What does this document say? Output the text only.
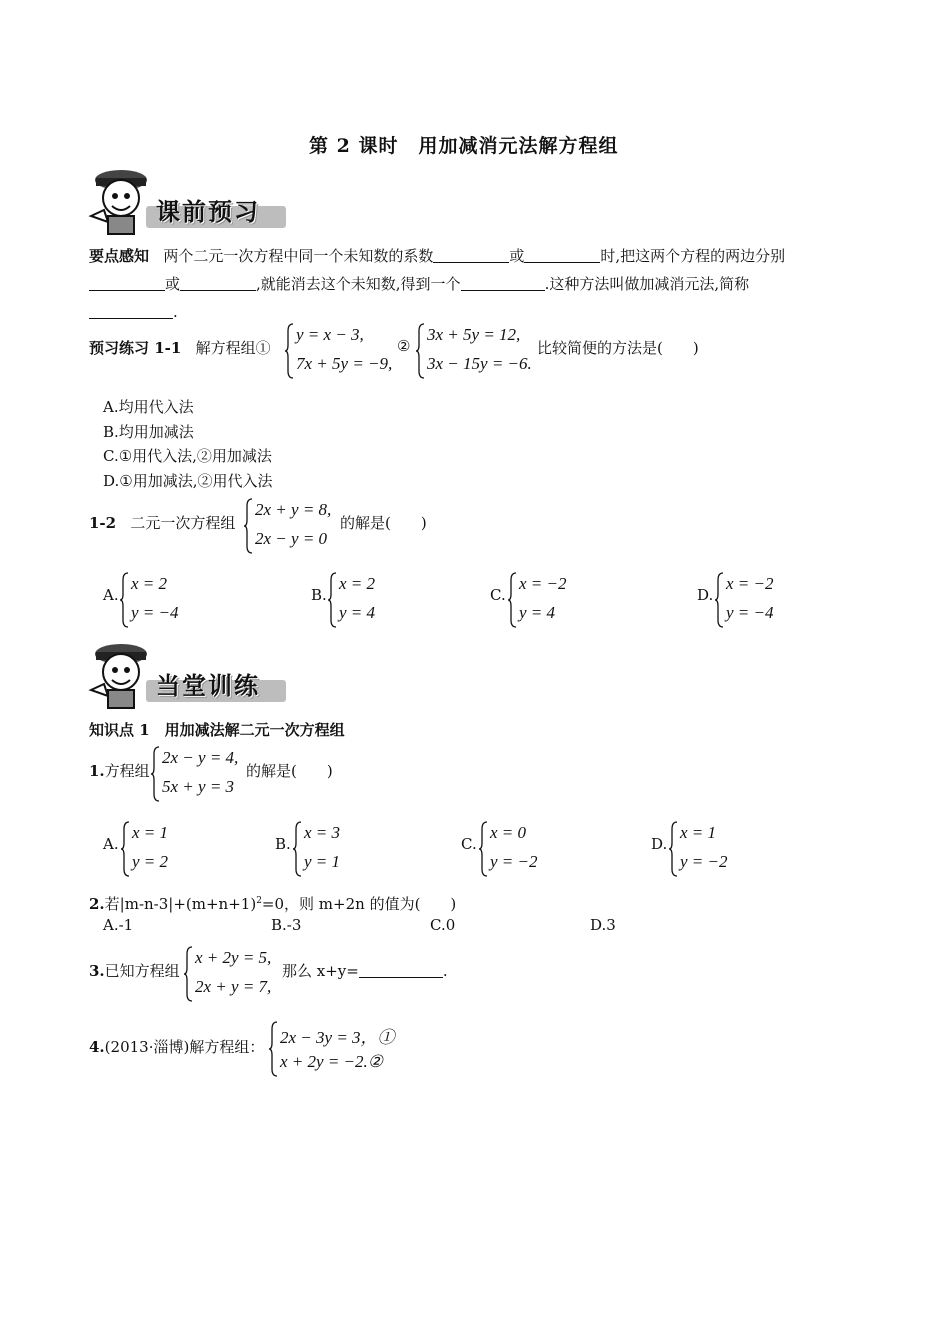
第 2 课时　用加减消元法解方程组
课前预习
要点感知 两个二元一次方程中同一个未知数的系数	或	时,把这两个方程的两边分别
或	,就能消去这个未知数,得到一个	.这种方法叫做加减消元法,简称
.
预习练习 1-1 解方程组①
y = x − 3,
7x + 5y = −9,
②
3x + 5y = 12,
3x − 15y = −6.
比较简便的方法是(　　)
A.均用代入法
B.均用加减法
C.①用代入法,②用加减法
D.①用加减法,②用代入法
1-2 二元一次方程组
2x + y = 8,
2x − y = 0
的解是(　　)
A.
x = 2
y = −4
B.
x = 2
y = 4
C.
x = −2
y = 4
D.
x = −2
y = −4
当堂训练
知识点 1　用加减法解二元一次方程组
1.方程组
2x − y = 4,
5x + y = 3
的解是(　　)
A.
x = 1
y = 2
B.
x = 3
y = 1
C.
x = 0
y = −2
D.
x = 1
y = −2
2.若$|m-n-3|+(m+n+1)^2=0$，则 m+2n 的值为(　　)
A.-1	B.-3	C.0	D.3
3.已知方程组
x + 2y = 5,
2x + y = 7,
那么 x+y=	.
4.(2013·淄博)解方程组： 2x − 3y = 3，①
x + 2y = −2.②
